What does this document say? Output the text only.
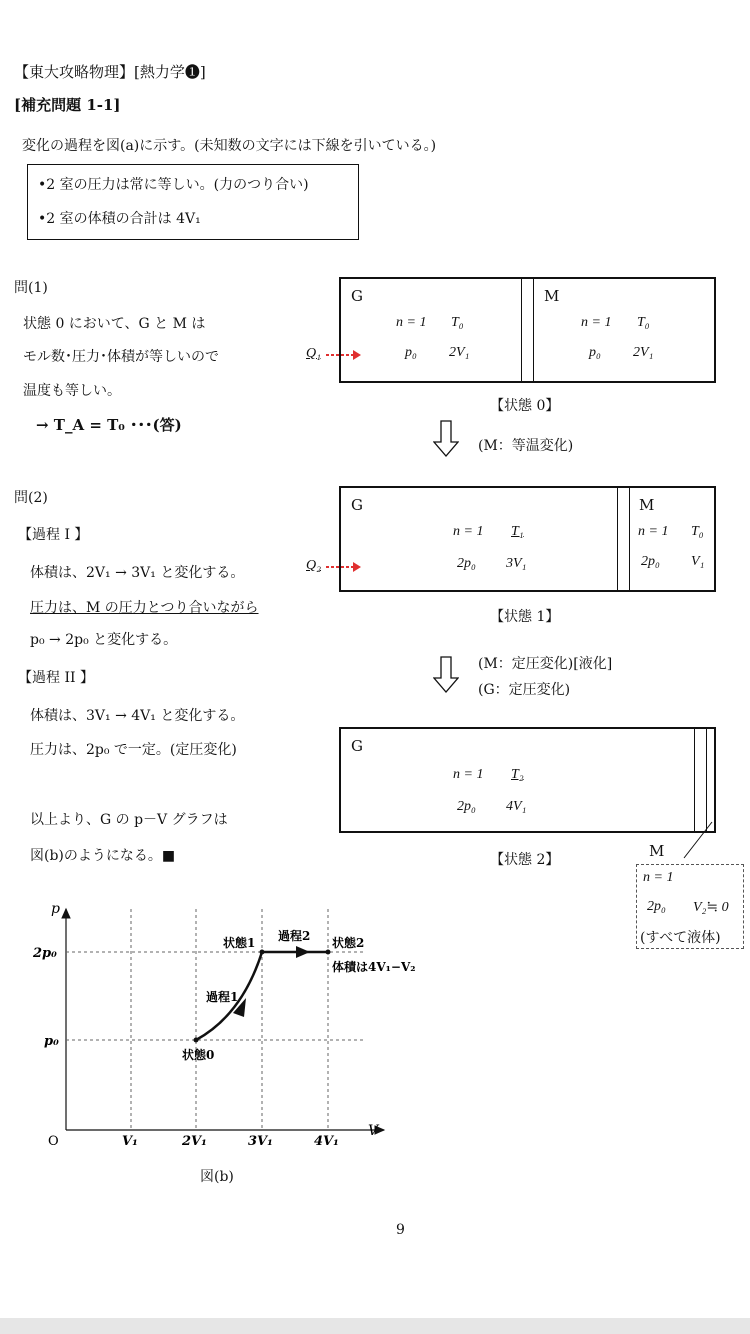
【東大攻略物理】[熱力学❶]
[補充問題 1-1]
変化の過程を図(a)に示す。(未知数の文字には下線を引いている。)
•2 室の圧力は常に等しい。(力のつり合い)
•2 室の体積の合計は 4V₁
問(1)
状態 0 において、G と M は
モル数･圧力･体積が等しいので
温度も等しい。
→ T_A = T₀ ･･･(答)
問(2)
【過程 I 】
体積は、2V₁ → 3V₁ と変化する。
圧力は、M の圧力とつり合いながら
p₀ → 2p₀ と変化する。
【過程 II 】
体積は、3V₁ → 4V₁ と変化する。
圧力は、2p₀ で一定。(定圧変化)
以上より、G の p－V グラフは
図(b)のようになる。■
G	M
n = 1 T₀
p₀ 2V₁
n = 1 T₀
p₀ 2V₁
Q₁
【状態 0】
(M：等温変化)
G	M
n = 1 T₁
2p₀ 3V₁
n = 1 T₀
2p₀ V₁
Q₂
【状態 1】
(M：定圧変化)[液化]
(G：定圧変化)
G
n = 1 T₂
2p₀ 4V₁
【状態 2】	M
n = 1
2p₀ V₂≒ 0
(すべて液体)
p
V
O
2p₀
p₀
V₁	2V₁	3V₁	4V₁
状態0
状態1	状態2
過程1
過程2
体積は4V₁−V₂
図(b)
9
